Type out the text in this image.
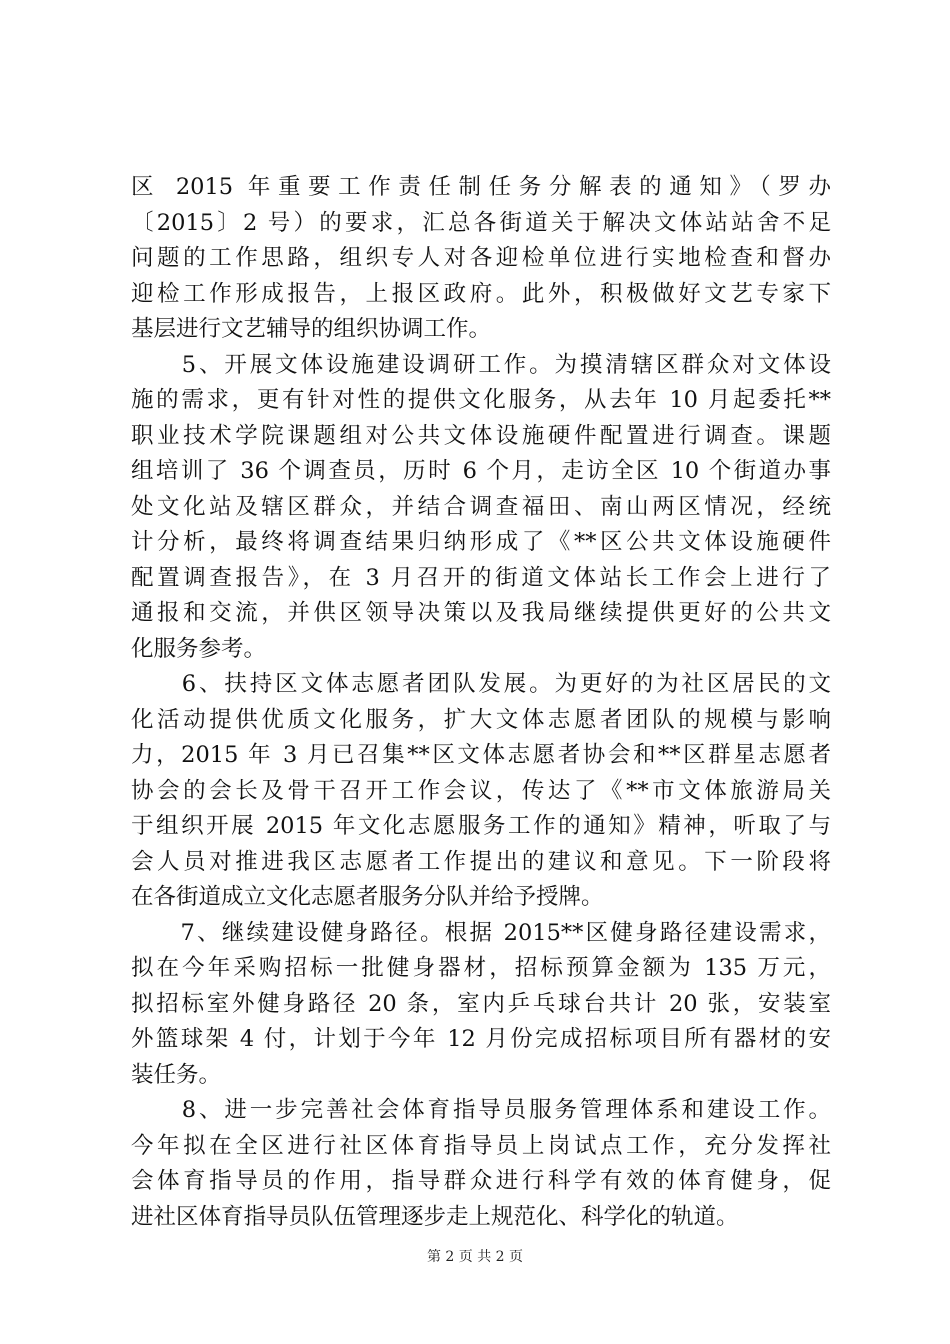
区 2015 年重要工作责任制任务分解表的通知》（罗办
〔2015〕2 号）的要求，汇总各街道关于解决文体站站舍不足
问题的工作思路，组织专人对各迎检单位进行实地检查和督办
迎检工作形成报告，上报区政府。此外，积极做好文艺专家下
基层进行文艺辅导的组织协调工作。
　　5、开展文体设施建设调研工作。为摸清辖区群众对文体设
施的需求，更有针对性的提供文化服务，从去年 10 月起委托**
职业技术学院课题组对公共文体设施硬件配置进行调查。课题
组培训了 36 个调查员，历时 6 个月，走访全区 10 个街道办事
处文化站及辖区群众，并结合调查福田、南山两区情况，经统
计分析，最终将调查结果归纳形成了《**区公共文体设施硬件
配置调查报告》，在 3 月召开的街道文体站长工作会上进行了
通报和交流，并供区领导决策以及我局继续提供更好的公共文
化服务参考。
　　6、扶持区文体志愿者团队发展。为更好的为社区居民的文
化活动提供优质文化服务，扩大文体志愿者团队的规模与影响
力，2015 年 3 月已召集**区文体志愿者协会和**区群星志愿者
协会的会长及骨干召开工作会议，传达了《**市文体旅游局关
于组织开展 2015 年文化志愿服务工作的通知》精神，听取了与
会人员对推进我区志愿者工作提出的建议和意见。下一阶段将
在各街道成立文化志愿者服务分队并给予授牌。
　　7、继续建设健身路径。根据 2015**区健身路径建设需求，
拟在今年采购招标一批健身器材，招标预算金额为 135 万元，
拟招标室外健身路径 20 条，室内乒乓球台共计 20 张，安装室
外篮球架 4 付，计划于今年 12 月份完成招标项目所有器材的安
装任务。
　　8、进一步完善社会体育指导员服务管理体系和建设工作。
今年拟在全区进行社区体育指导员上岗试点工作，充分发挥社
会体育指导员的作用，指导群众进行科学有效的体育健身，促
进社区体育指导员队伍管理逐步走上规范化、科学化的轨道。
第 2 页 共 2 页
